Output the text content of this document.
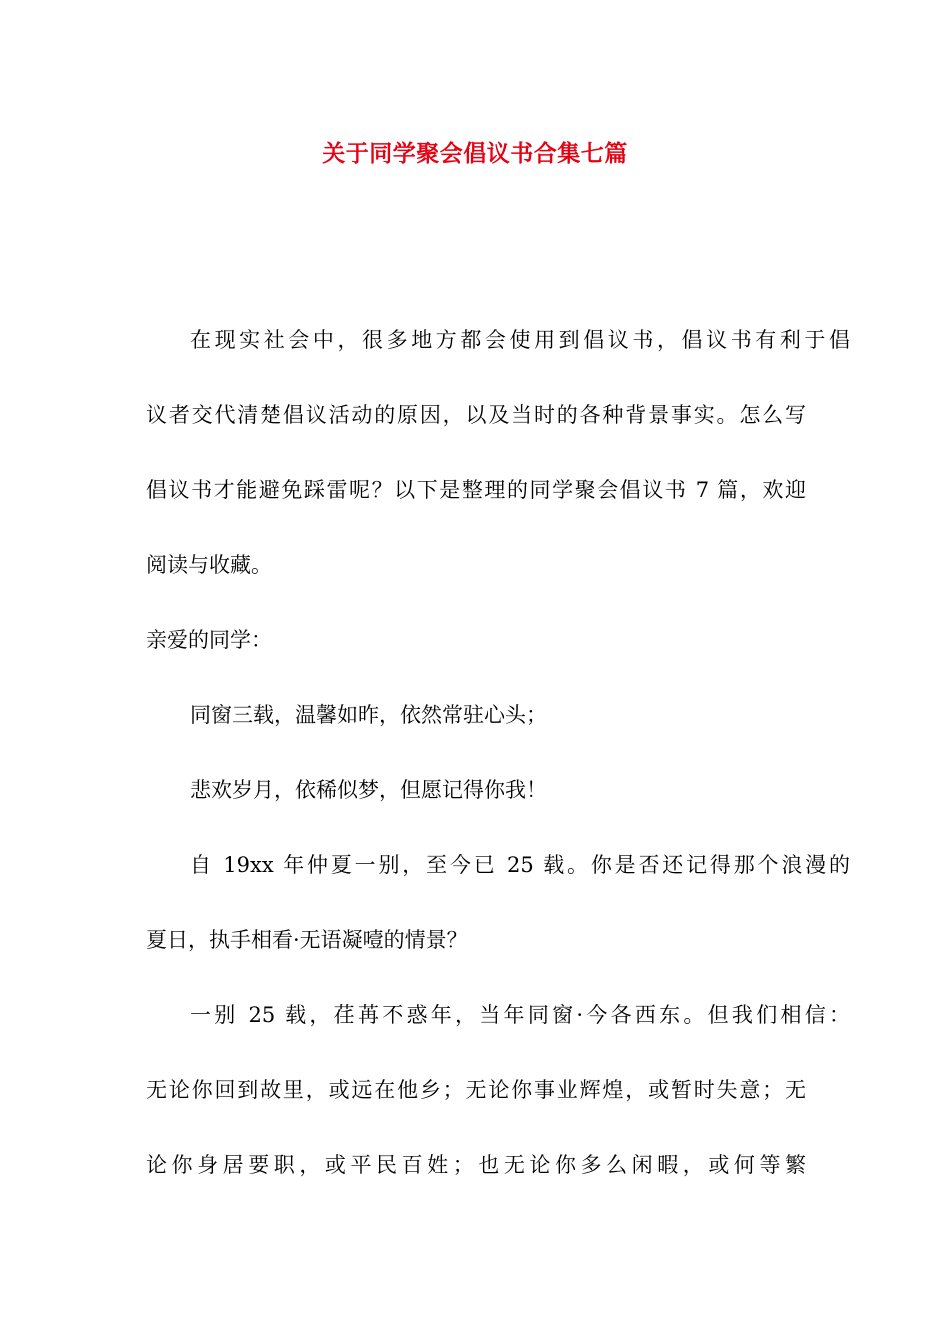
关于同学聚会倡议书合集七篇
在现实社会中，很多地方都会使用到倡议书，倡议书有利于倡
议者交代清楚倡议活动的原因，以及当时的各种背景事实。怎么写
倡议书才能避免踩雷呢？以下是整理的同学聚会倡议书 7 篇，欢迎
阅读与收藏。
亲爱的同学：
同窗三载，温馨如昨，依然常驻心头；
悲欢岁月，依稀似梦，但愿记得你我！
自 19xx 年仲夏一别，至今已 25 载。你是否还记得那个浪漫的
夏日，执手相看·无语凝噎的情景？
一别 25 载，荏苒不惑年，当年同窗·今各西东。但我们相信：
无论你回到故里，或远在他乡；无论你事业辉煌，或暂时失意；无
论你身居要职，或平民百姓；也无论你多么闲暇，或何等繁
